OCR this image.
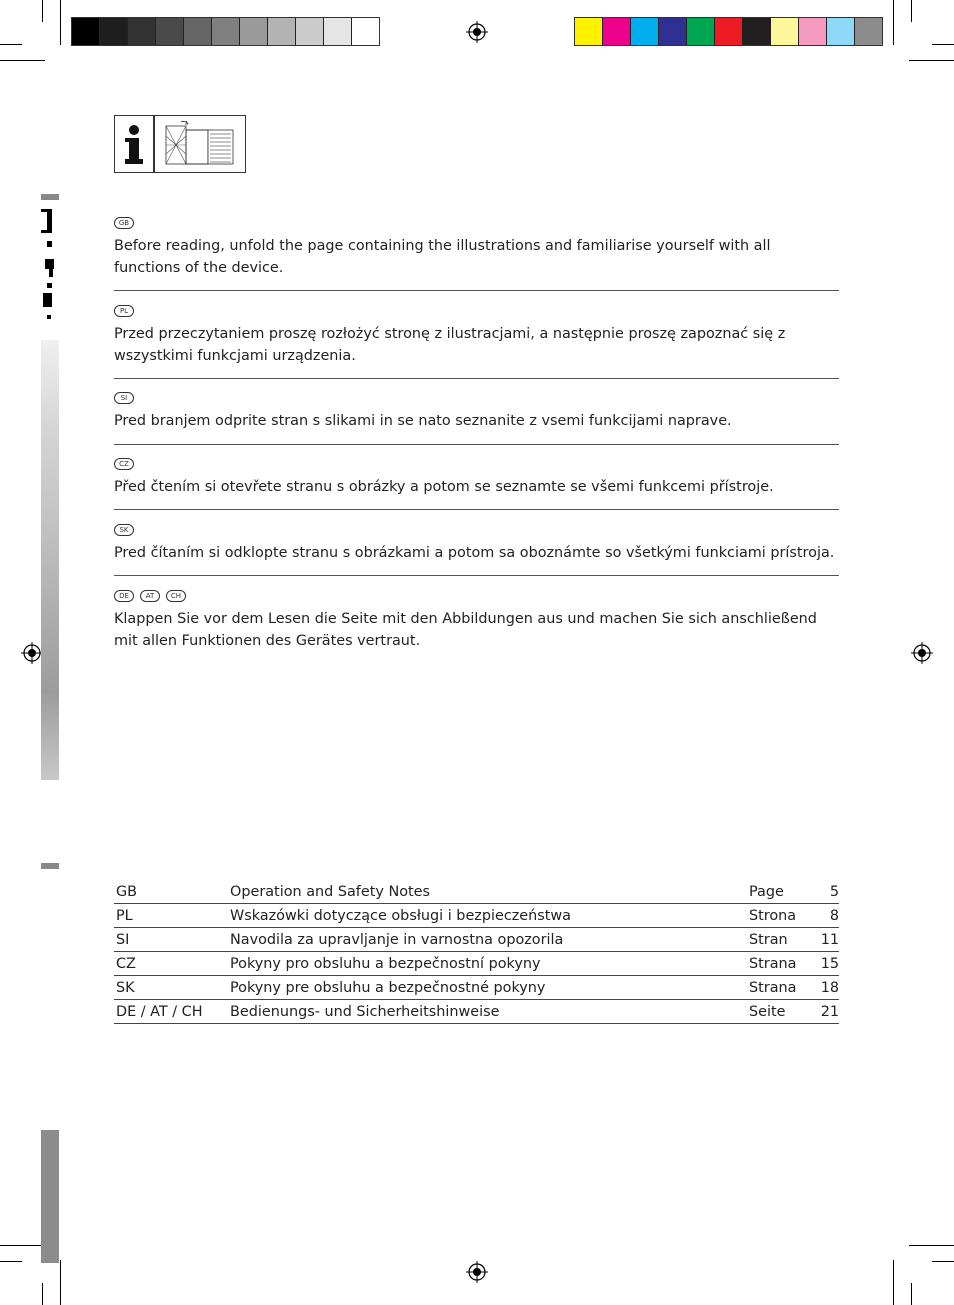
GB
Before reading, unfold the page containing the illustrations and familiarise yourself with all functions of the device.
PL
Przed przeczytaniem proszę rozłożyć stronę z ilustracjami, a następnie proszę zapoznać się z wszystkimi funkcjami urządzenia.
SI
Pred branjem odprite stran s slikami in se nato seznanite z vsemi funkcijami naprave.
CZ
Před čtením si otevřete stranu s obrázky a potom se seznamte se všemi funkcemi přístroje.
SK
Pred čítaním si odklopte stranu s obrázkami a potom sa oboznámte so všetkými funkciami prístroja.
DE	AT	CH
Klappen Sie vor dem Lesen die Seite mit den Abbildungen aus und machen Sie sich anschließend mit allen Funktionen des Gerätes vertraut.
GB	Operation and Safety Notes	Page	5
PL	Wskazówki dotyczące obsługi i bezpieczeństwa	Strona	8
SI	Navodila za upravljanje in varnostna opozorila	Stran	11
CZ	Pokyny pro obsluhu a bezpečnostní pokyny	Strana	15
SK	Pokyny pre obsluhu a bezpečnostné pokyny	Strana	18
DE / AT / CH	Bedienungs- und Sicherheitshinweise	Seite	21
